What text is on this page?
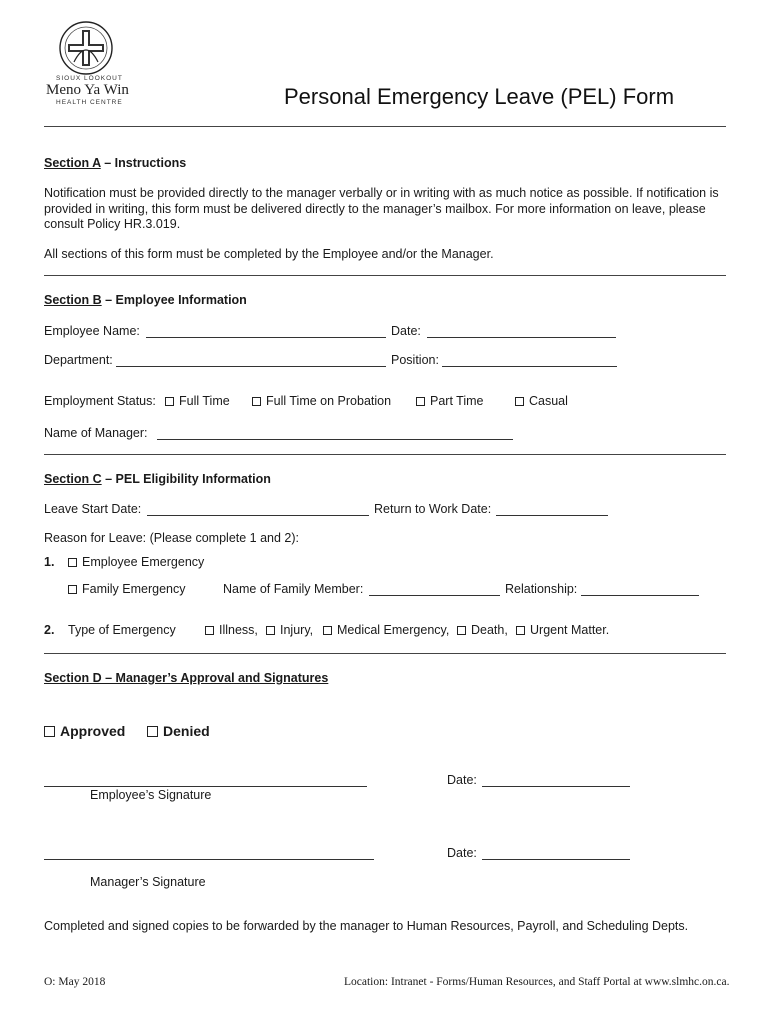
SIOUX LOOKOUT
Meno Ya Win
HEALTH CENTRE	Personal Emergency Leave (PEL) Form
Section A – Instructions
Notification must be provided directly to the manager verbally or in writing with as much notice as possible. If notification is provided in writing, this form must be delivered directly to the manager’s mailbox. For more information on leave, please consult Policy HR.3.019.
All sections of this form must be completed by the Employee and/or the Manager.
Section B – Employee Information
Employee Name:	Date:
Department:	Position:
Employment Status:	Full Time	Full Time on Probation	Part Time	Casual
Name of Manager:
Section C – PEL Eligibility Information
Leave Start Date:	Return to Work Date:
Reason for Leave: (Please complete 1 and 2):
1.	Employee Emergency
Family Emergency	Name of Family Member:	Relationship:
2. Type of Emergency	Illness,	Injury,	Medical Emergency,	Death,	Urgent Matter.
Section D – Manager’s Approval and Signatures
Approved	Denied
Employee’s Signature
Date:
Date:
Manager’s Signature
Completed and signed copies to be forwarded by the manager to Human Resources, Payroll, and Scheduling Depts.
O: May 2018	Location: Intranet - Forms/Human Resources, and Staff Portal at www.slmhc.on.ca.
